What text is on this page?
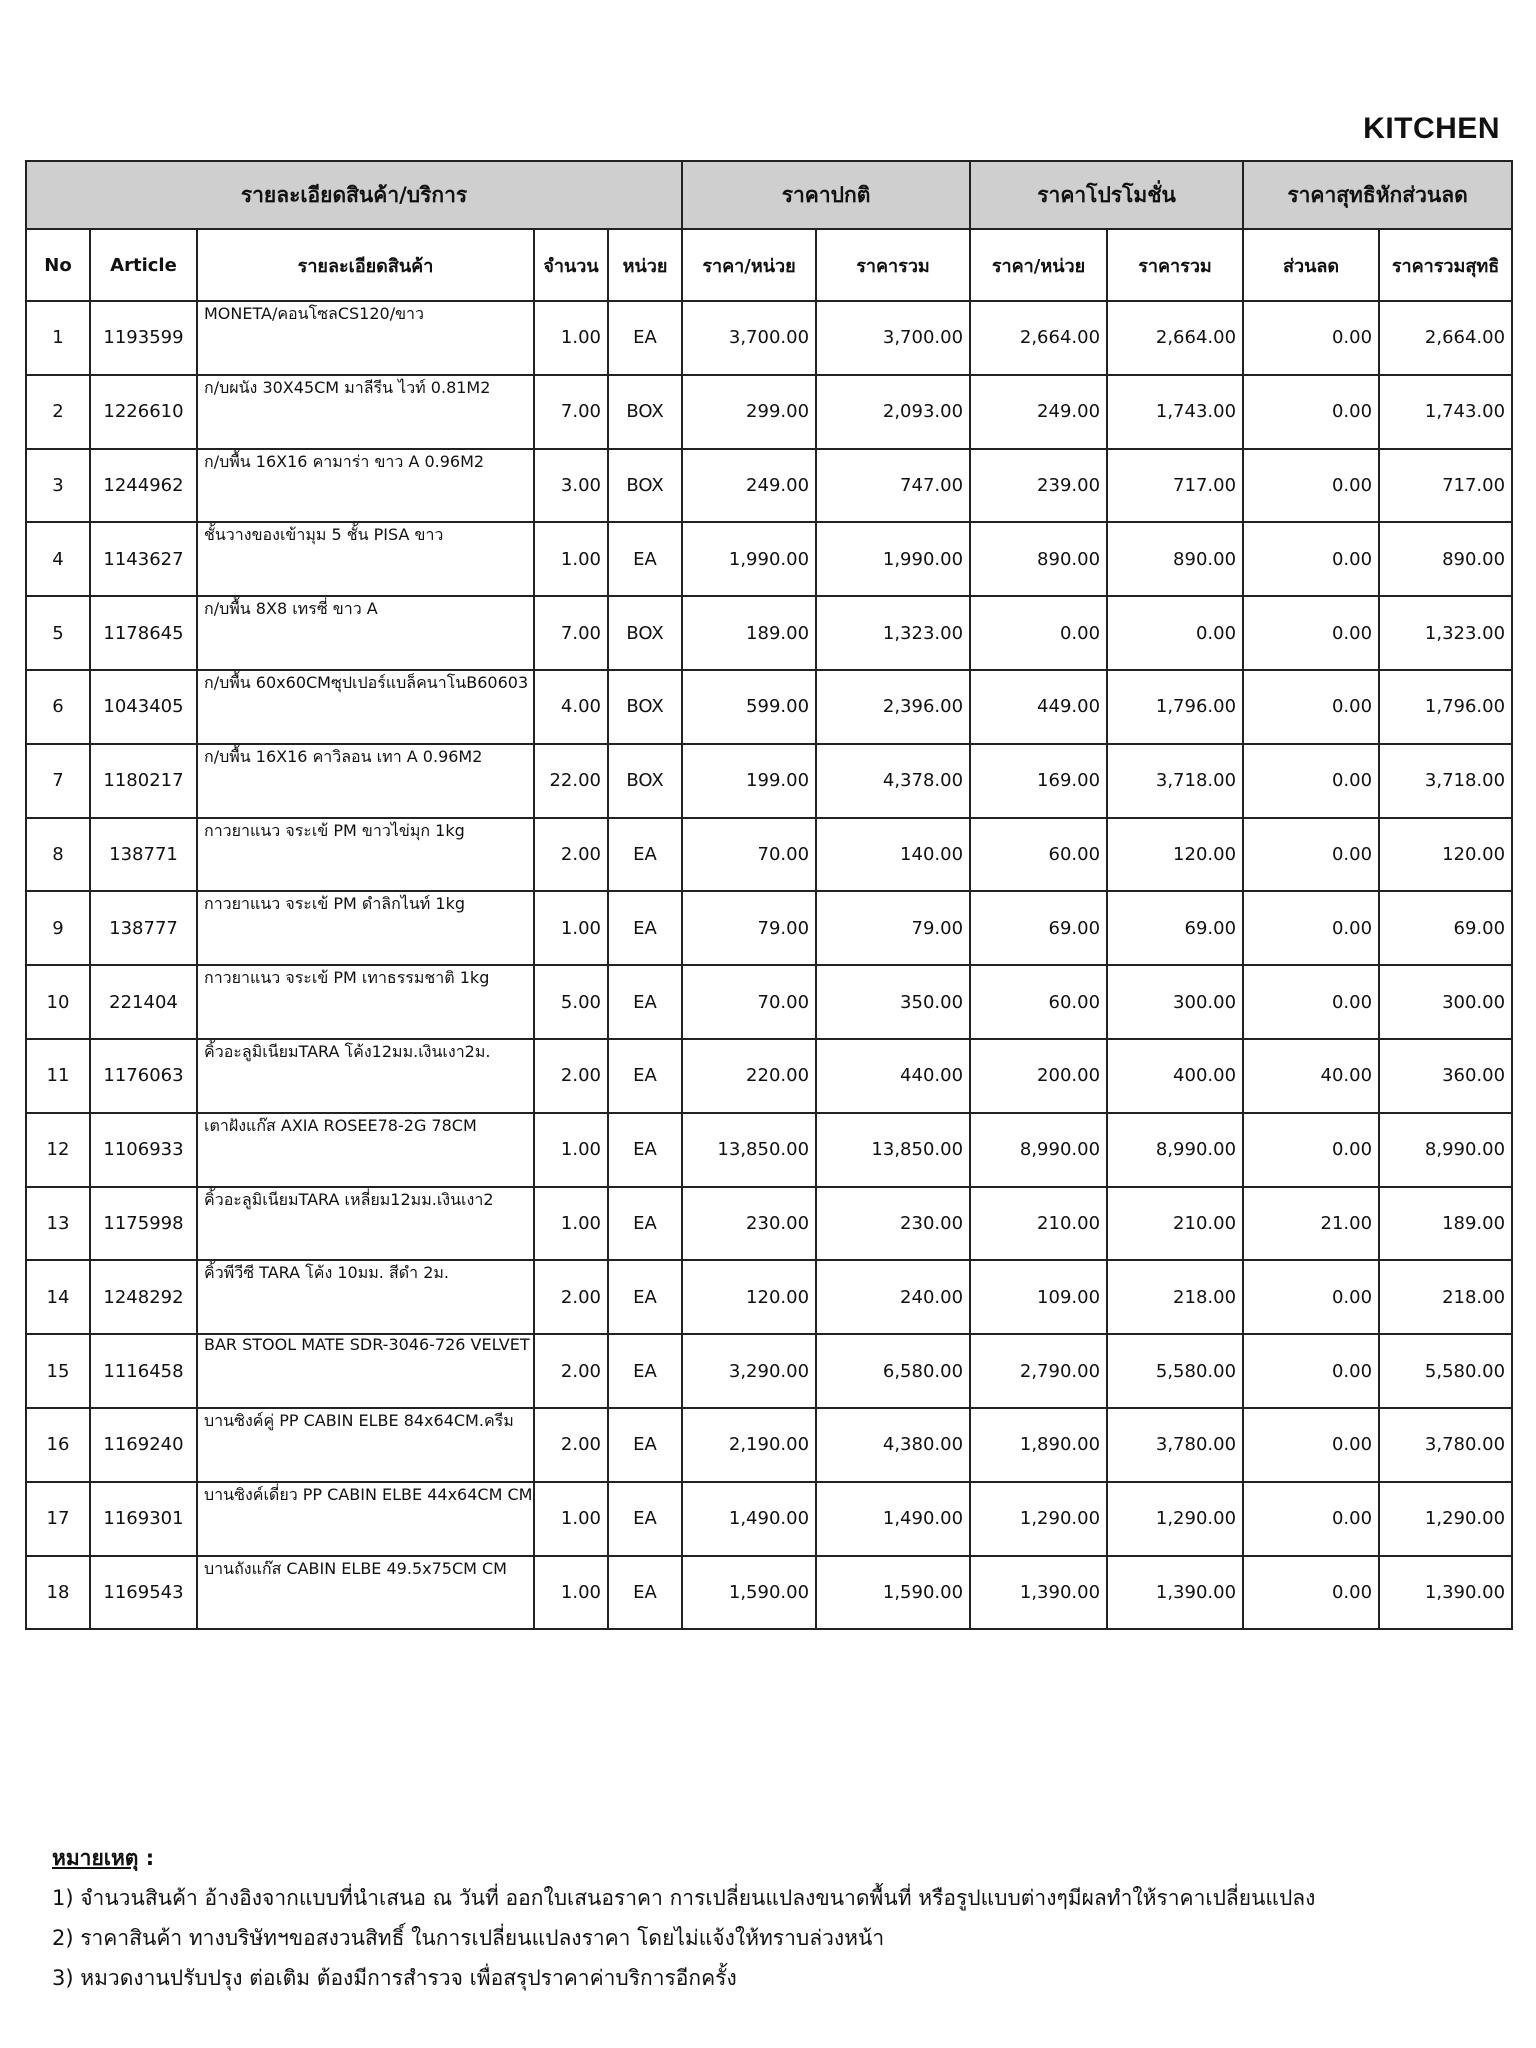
KITCHEN
รายละเอียดสินค้า/บริการ					ราคาปกติ		ราคาโปรโมชั่น		ราคาสุทธิหักส่วนลด	
No	Article	รายละเอียดสินค้า	จำนวน	หน่วย	ราคา/หน่วย	ราคารวม	ราคา/หน่วย	ราคารวม	ส่วนลด	ราคารวมสุทธิ
1	1193599	MONETA/คอนโซลCS120/ขาว	1.00	EA	3,700.00	3,700.00	2,664.00	2,664.00	0.00	2,664.00
2	1226610	ก/บผนัง 30X45CM มาลีรีน ไวท์ 0.81M2	7.00	BOX	299.00	2,093.00	249.00	1,743.00	0.00	1,743.00
3	1244962	ก/บพื้น 16X16 คามาร่า ขาว A 0.96M2	3.00	BOX	249.00	747.00	239.00	717.00	0.00	717.00
4	1143627	ชั้นวางของเข้ามุม 5 ชั้น PISA ขาว	1.00	EA	1,990.00	1,990.00	890.00	890.00	0.00	890.00
5	1178645	ก/บพื้น 8X8 เทรซี่ ขาว A	7.00	BOX	189.00	1,323.00	0.00	0.00	0.00	1,323.00
6	1043405	ก/บพื้น 60x60CMซุปเปอร์แบล็คนาโนB60603	4.00	BOX	599.00	2,396.00	449.00	1,796.00	0.00	1,796.00
7	1180217	ก/บพื้น 16X16 คาวิลอน เทา A 0.96M2	22.00	BOX	199.00	4,378.00	169.00	3,718.00	0.00	3,718.00
8	138771	กาวยาแนว จระเข้ PM ขาวไข่มุก 1kg	2.00	EA	70.00	140.00	60.00	120.00	0.00	120.00
9	138777	กาวยาแนว จระเข้ PM ดำลิกไนท์ 1kg	1.00	EA	79.00	79.00	69.00	69.00	0.00	69.00
10	221404	กาวยาแนว จระเข้ PM เทาธรรมชาติ 1kg	5.00	EA	70.00	350.00	60.00	300.00	0.00	300.00
11	1176063	คิ้วอะลูมิเนียมTARA โค้ง12มม.เงินเงา2ม.	2.00	EA	220.00	440.00	200.00	400.00	40.00	360.00
12	1106933	เตาฝังแก๊ส AXIA ROSEE78-2G 78CM	1.00	EA	13,850.00	13,850.00	8,990.00	8,990.00	0.00	8,990.00
13	1175998	คิ้วอะลูมิเนียมTARA เหลี่ยม12มม.เงินเงา2	1.00	EA	230.00	230.00	210.00	210.00	21.00	189.00
14	1248292	คิ้วพีวีซี TARA โค้ง 10มม. สีดำ 2ม.	2.00	EA	120.00	240.00	109.00	218.00	0.00	218.00
15	1116458	BAR STOOL MATE SDR-3046-726 VELVET	2.00	EA	3,290.00	6,580.00	2,790.00	5,580.00	0.00	5,580.00
16	1169240	บานซิงค์คู่ PP CABIN ELBE 84x64CM.ครีม	2.00	EA	2,190.00	4,380.00	1,890.00	3,780.00	0.00	3,780.00
17	1169301	บานซิงค์เดี่ยว PP CABIN ELBE 44x64CM CM	1.00	EA	1,490.00	1,490.00	1,290.00	1,290.00	0.00	1,290.00
18	1169543	บานถังแก๊ส CABIN ELBE 49.5x75CM CM	1.00	EA	1,590.00	1,590.00	1,390.00	1,390.00	0.00	1,390.00
หมายเหตุ :
1) จำนวนสินค้า อ้างอิงจากแบบที่นำเสนอ ณ วันที่ ออกใบเสนอราคา การเปลี่ยนแปลงขนาดพื้นที่ หรือรูปแบบต่างๆมีผลทำให้ราคาเปลี่ยนแปลง
2) ราคาสินค้า ทางบริษัทฯขอสงวนสิทธิ์ ในการเปลี่ยนแปลงราคา โดยไม่แจ้งให้ทราบล่วงหน้า
3) หมวดงานปรับปรุง ต่อเติม ต้องมีการสำรวจ เพื่อสรุปราคาค่าบริการอีกครั้ง
